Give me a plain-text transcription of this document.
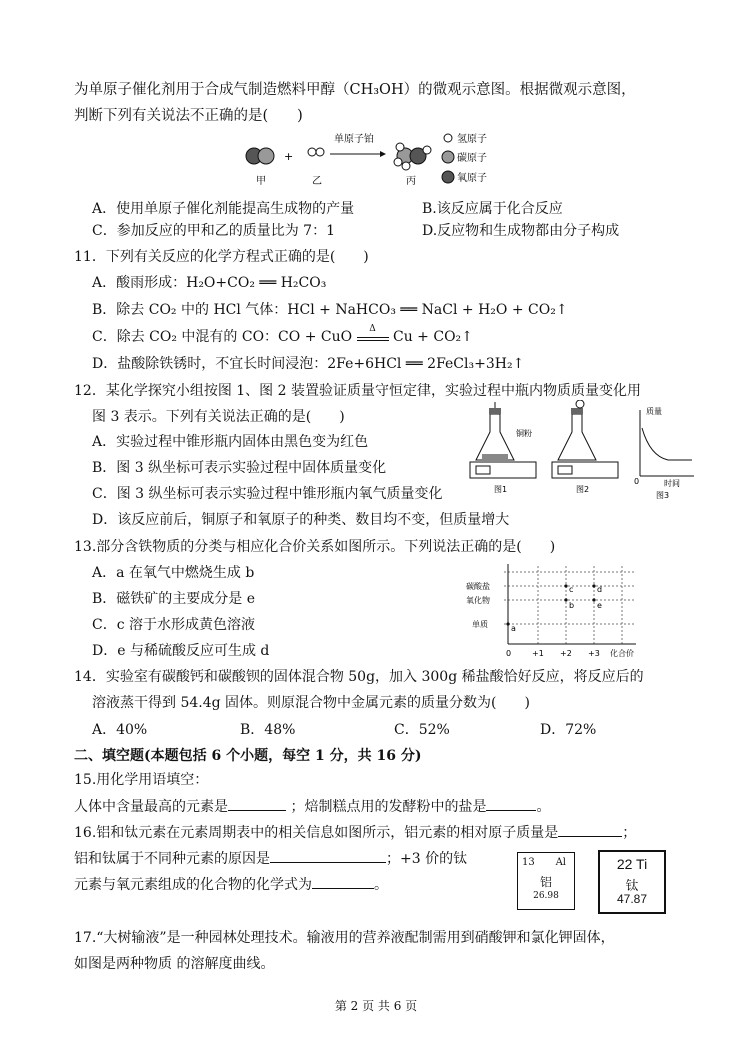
为单原子催化剂用于合成气制造燃料甲醇（CH₃OH）的微观示意图。根据微观示意图，
判断下列有关说法不正确的是(　　)
+
单原子铂	氢原子
碳原子
氧原子
甲	乙	丙
A．使用单原子催化剂能提高生成物的产量	B.该反应属于化合反应
C．参加反应的甲和乙的质量比为 7：1	D.反应物和生成物都由分子构成
11．下列有关反应的化学方程式正确的是(　　)
A．酸雨形成：H₂O+CO₂ ══ H₂CO₃
B．除去 CO₂ 中的 HCl 气体：HCl + NaHCO₃ ══ NaCl + H₂O + CO₂↑
C．除去 CO₂ 中混有的 CO：CO + CuO	Δ	Cu + CO₂↑
D．盐酸除铁锈时，不宜长时间浸泡：2Fe+6HCl ══ 2FeCl₃+3H₂↑
12．某化学探究小组按图 1、图 2 装置验证质量守恒定律，实验过程中瓶内物质质量变化用
图 3 表示。下列有关说法正确的是(　　)
A．实验过程中锥形瓶内固体由黑色变为红色
B．图 3 纵坐标可表示实验过程中固体质量变化
C．图 3 纵坐标可表示实验过程中锥形瓶内氧气质量变化
D．该反应前后，铜原子和氧原子的种类、数目均不变，但质量增大
铜粉
图1	图2
质量
时间
0
图3
13.部分含铁物质的分类与相应化合价关系如图所示。下列说法正确的是(　　)
A．a 在氧气中燃烧生成 b
B．磁铁矿的主要成分是 e
C．c 溶于水形成黄色溶液
D．e 与稀硫酸反应可生成 d
碳酸盐
氧化物
单质
0	+1 +2 +3 化合价
a
b
c	d
e
14．实验室有碳酸钙和碳酸钡的固体混合物 50g，加入 300g 稀盐酸恰好反应，将反应后的
溶液蒸干得到 54.4g 固体。则原混合物中金属元素的质量分数为(　　)
A．40%	B．48%	C．52%	D．72%
二、填空题(本题包括 6 个小题，每空 1 分，共 16 分)
15.用化学用语填空：
人体中含量最高的元素是	；焙制糕点用的发酵粉中的盐是	。
16.铝和钛元素在元素周期表中的相关信息如图所示，铝元素的相对原子质量是	；
铝和钛属于不同种元素的原因是	；+3 价的钛
元素与氧元素组成的化合物的化学式为	。
13 Al
铝
26.98
22 Ti
钛
47.87
17.“大树输液”是一种园林处理技术。输液用的营养液配制需用到硝酸钾和氯化钾固体，
如图是两种物质 的溶解度曲线。
第 2 页 共 6 页
